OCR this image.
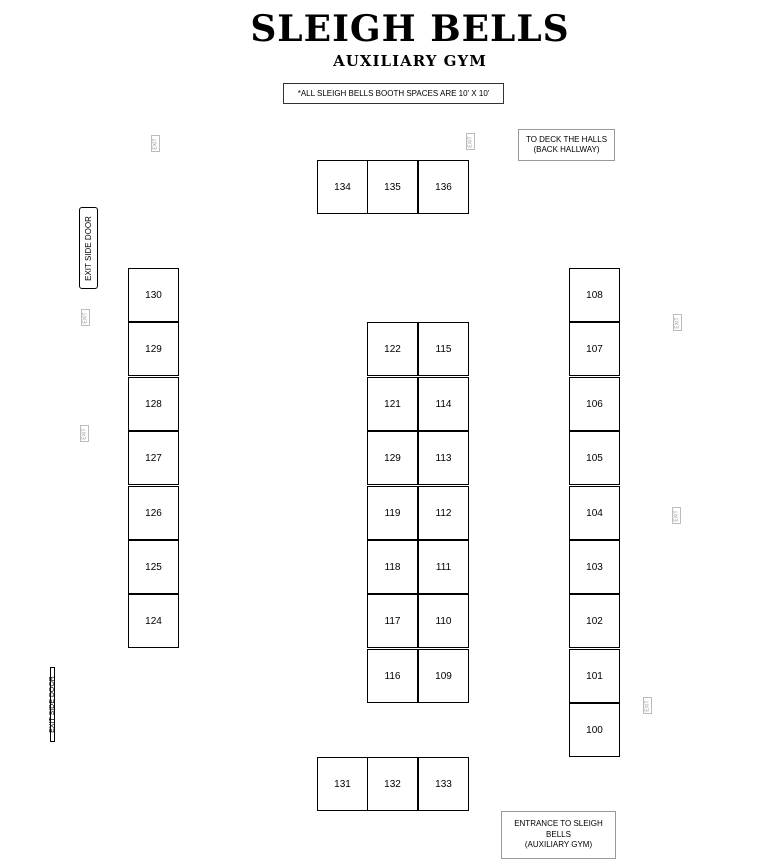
SLEIGH BELLS
AUXILIARY GYM
*ALL SLEIGH BELLS BOOTH SPACES ARE 10' X 10'
TO DECK THE HALLS
(BACK HALLWAY)
ENTRANCE TO SLEIGH
BELLS
(AUXILIARY GYM)
EXIT SIDE DOOR
EXIT SIDE DOOR
EXIT	EXIT
EXIT
EXIT
EXIT
EXIT
EXIT
134	135	136
130
129
128
127
126
125
124
122
121
129
119
118
117
116
115
114
113
112
111
110
109
108
107
106
105
104
103
102
101
100
131	132	133
